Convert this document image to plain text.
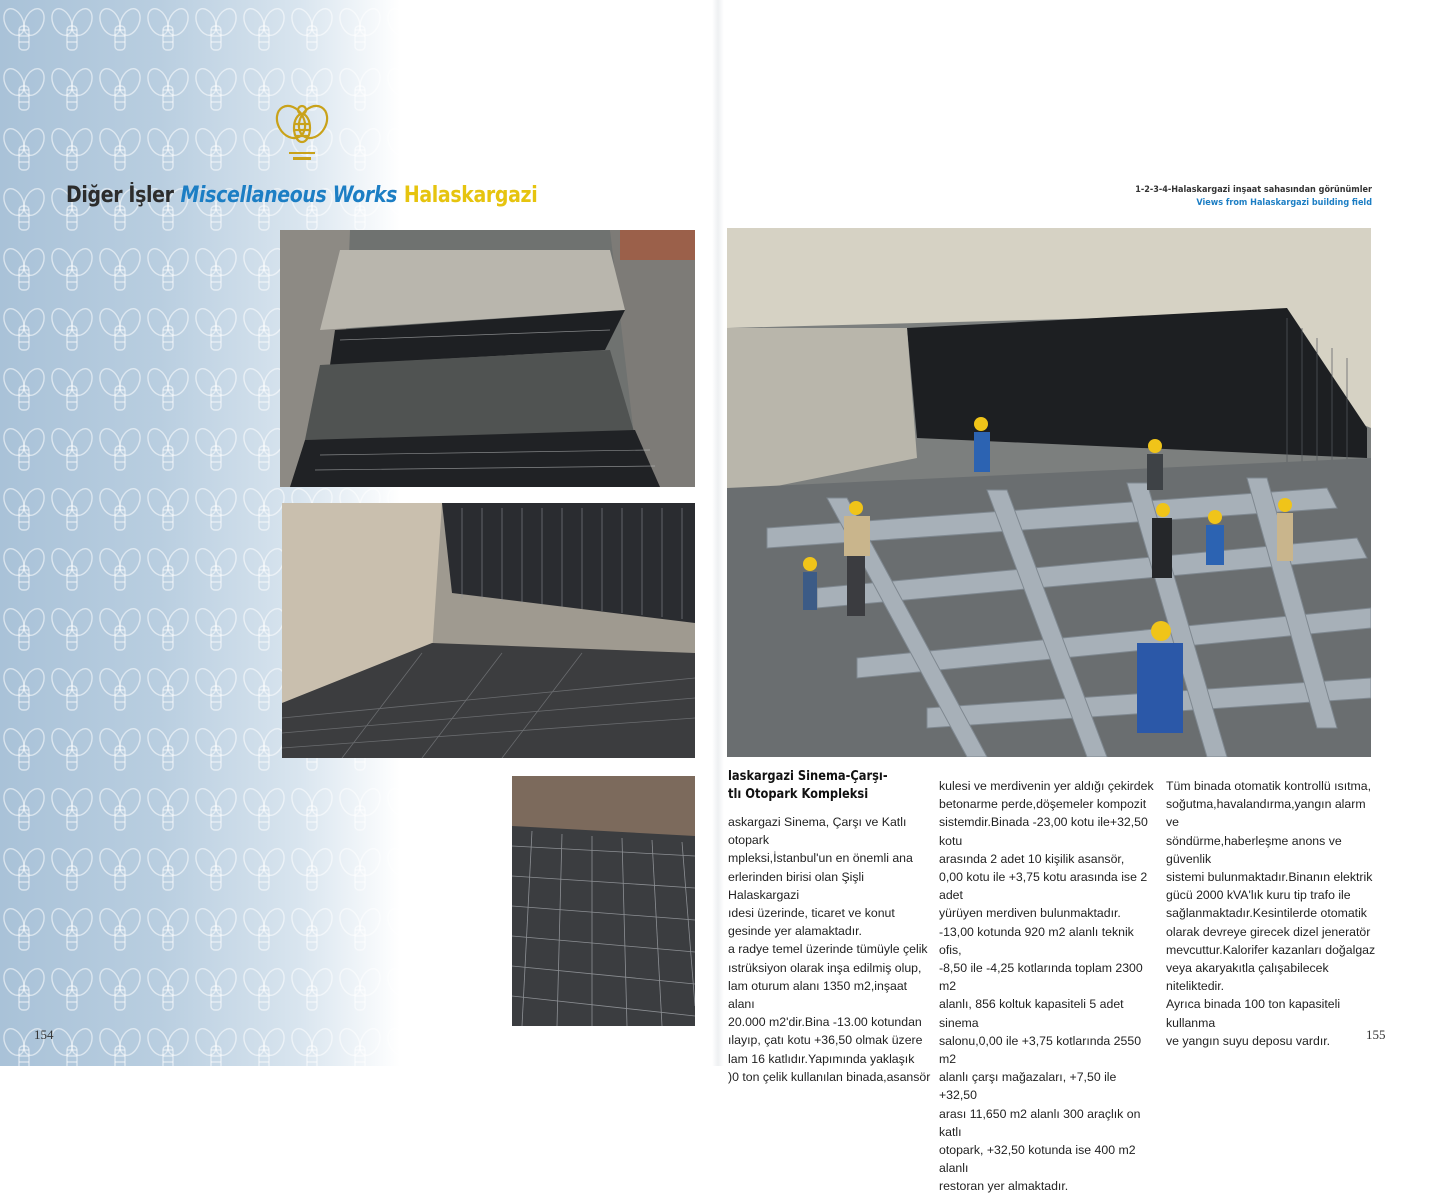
Diğer İşler Miscellaneous Works Halaskargazi	1-2-3-4-Halaskargazi inşaat sahasından görünümler
Views from Halaskargazi building field
laskargazi Sinema-Çarşı-
tlı Otopark Kompleksi
askargazi Sinema, Çarşı ve Katlı otopark
mpleksi,İstanbul'un en önemli ana
erlerinden birisi olan Şişli Halaskargazi
ıdesi üzerinde, ticaret ve konut
gesinde yer alamaktadır.
a radye temel üzerinde tümüyle çelik
ıstrüksiyon olarak inşa edilmiş olup,
lam oturum alanı 1350 m2,inşaat alanı
20.000 m2'dir.Bina -13.00 kotundan
ılayıp, çatı kotu +36,50 olmak üzere
lam 16 katlıdır.Yapımında yaklaşık
)0 ton çelik kullanılan binada,asansör
kulesi ve merdivenin yer aldığı çekirdek
betonarme perde,döşemeler kompozit
sistemdir.Binada -23,00 kotu ile+32,50 kotu
arasında 2 adet 10 kişilik asansör,
0,00 kotu ile +3,75 kotu arasında ise 2 adet
yürüyen merdiven bulunmaktadır.
-13,00 kotunda 920 m2 alanlı teknik ofis,
-8,50 ile -4,25 kotlarında toplam 2300 m2
alanlı, 856 koltuk kapasiteli 5 adet sinema
salonu,0,00 ile +3,75 kotlarında 2550 m2
alanlı çarşı mağazaları, +7,50 ile +32,50
arası 11,650 m2 alanlı 300 araçlık on katlı
otopark, +32,50 kotunda ise 400 m2 alanlı
restoran yer almaktadır.
Tüm binada otomatik kontrollü ısıtma,
soğutma,havalandırma,yangın alarm ve
söndürme,haberleşme anons ve güvenlik
sistemi bulunmaktadır.Binanın elektrik
gücü 2000 kVA'lık kuru tip trafo ile
sağlanmaktadır.Kesintilerde otomatik
olarak devreye girecek dizel jeneratör
mevcuttur.Kalorifer kazanları doğalgaz
veya akaryakıtla çalışabilecek niteliktedir.
Ayrıca binada 100 ton kapasiteli kullanma
ve yangın suyu deposu vardır.
154	155
